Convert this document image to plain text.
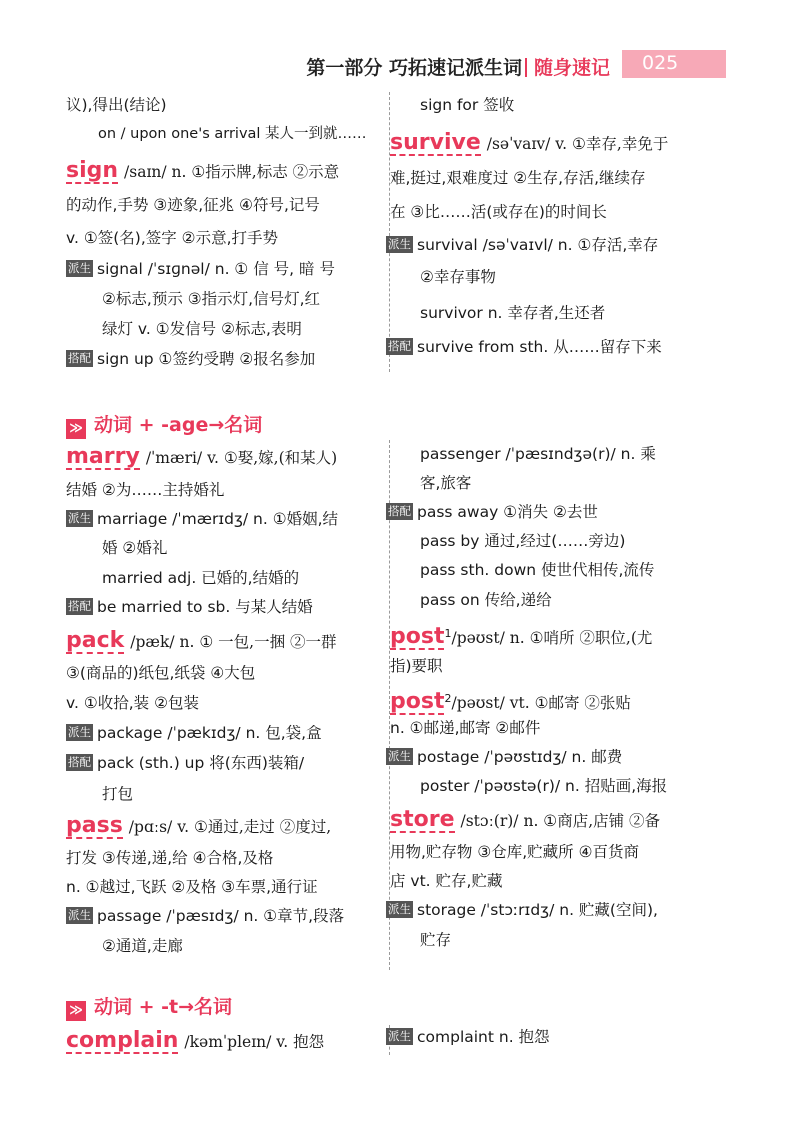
第一部分 巧拓速记派生词 随身速记 025
议),得出(结论)
on / upon one's arrival 某人一到就……
sign /saɪn/ n. ①指示牌,标志 ②示意
的动作,手势 ③迹象,征兆 ④符号,记号
v. ①签(名),签字 ②示意,打手势
派生 signal /ˈsɪɡnəl/ n. ① 信 号, 暗 号
②标志,预示 ③指示灯,信号灯,红
绿灯 v. ①发信号 ②标志,表明
搭配 sign up ①签约受聘 ②报名参加
sign for 签收
survive /səˈvaɪv/ v. ①幸存,幸免于
难,挺过,艰难度过 ②生存,存活,继续存
在 ③比……活(或存在)的时间长
派生 survival /səˈvaɪvl/ n. ①存活,幸存
②幸存事物
survivor n. 幸存者,生还者
搭配 survive from sth. 从……留存下来
≫ 动词 + -age→名词
marry /ˈmæri/ v. ①娶,嫁,(和某人)
结婚 ②为……主持婚礼
派生 marriage /ˈmærɪdʒ/ n. ①婚姻,结
婚 ②婚礼
married adj. 已婚的,结婚的
搭配 be married to sb. 与某人结婚
pack /pæk/ n. ① 一包,一捆 ②一群
③(商品的)纸包,纸袋 ④大包
v. ①收拾,装 ②包装
派生 package /ˈpækɪdʒ/ n. 包,袋,盒
搭配 pack (sth.) up 将(东西)装箱/
打包
pass /pɑːs/ v. ①通过,走过 ②度过,
打发 ③传递,递,给 ④合格,及格
n. ①越过,飞跃 ②及格 ③车票,通行证
派生 passage /ˈpæsɪdʒ/ n. ①章节,段落
②通道,走廊
passenger /ˈpæsɪndʒə(r)/ n. 乘
客,旅客
搭配 pass away ①消失 ②去世
pass by 通过,经过(……旁边)
pass sth. down 使世代相传,流传
pass on 传给,递给
post$^1$/pəʊst/ n. ①哨所 ②职位,(尤
指)要职
post$^2$/pəʊst/ vt. ①邮寄 ②张贴
n. ①邮递,邮寄 ②邮件
派生 postage /ˈpəʊstɪdʒ/ n. 邮费
poster /ˈpəʊstə(r)/ n. 招贴画,海报
store /stɔː(r)/ n. ①商店,店铺 ②备
用物,贮存物 ③仓库,贮藏所 ④百货商
店 vt. 贮存,贮藏
派生 storage /ˈstɔːrɪdʒ/ n. 贮藏(空间),
贮存
≫ 动词 + -t→名词
complain /kəmˈpleɪn/ v. 抱怨	派生 complaint n. 抱怨
